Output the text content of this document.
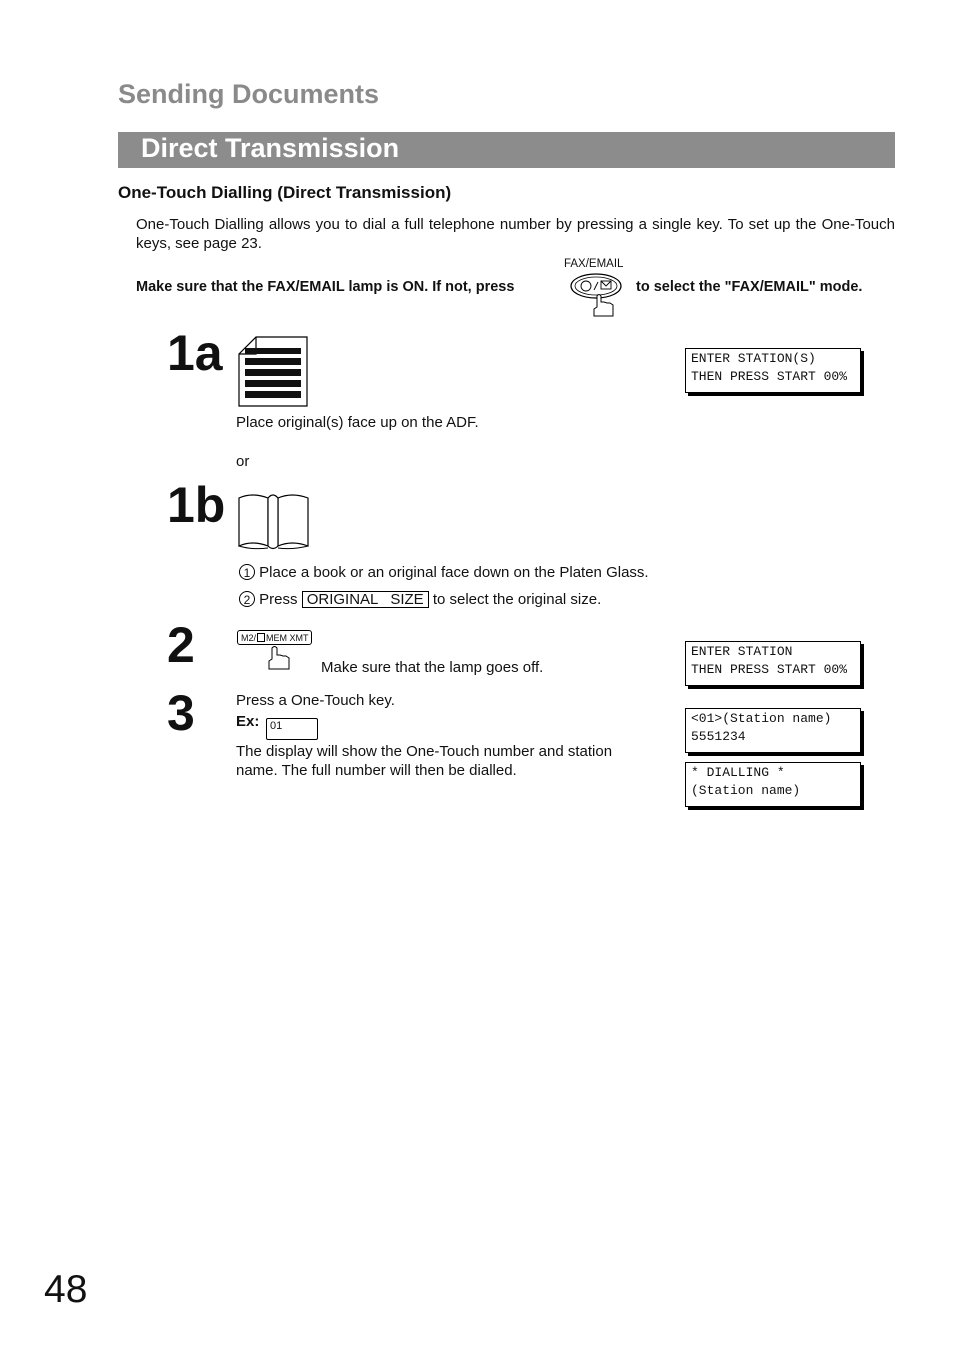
Sending Documents
Direct Transmission
One-Touch Dialling (Direct Transmission)
One-Touch Dialling allows you to dial a full telephone number by pressing a single key. To set up the One-Touch keys, see page 23.
Make sure that the FAX/EMAIL lamp is ON. If not, press
FAX/EMAIL
to select the "FAX/EMAIL" mode.
1a	ENTER STATION(S)
THEN PRESS START 00%
Place original(s) face up on the ADF.
or
1b
1 Place a book or an original face down on the Platen Glass.
2 Press ORIGINAL   SIZE to select the original size.
2	M2/ MEM XMT
Make sure that the lamp goes off.
ENTER STATION
THEN PRESS START 00%
3	Press a One-Touch key.
Ex: 01
The display will show the One-Touch number and station
name. The full number will then be dialled.
<01>(Station name)
5551234
* DIALLING *
(Station name)
48
